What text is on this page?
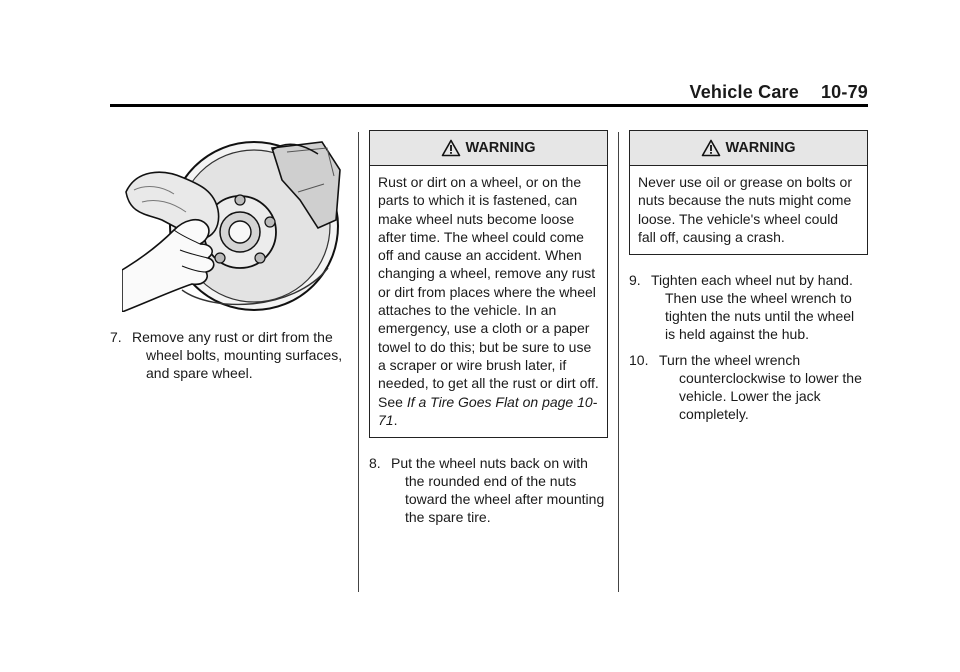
Vehicle Care 10-79
7. Remove any rust or dirt from the wheel bolts, mounting surfaces, and spare wheel.
WARNING
Rust or dirt on a wheel, or on the parts to which it is fastened, can make wheel nuts become loose after time. The wheel could come off and cause an accident. When changing a wheel, remove any rust or dirt from places where the wheel attaches to the vehicle. In an emergency, use a cloth or a paper towel to do this; but be sure to use a scraper or wire brush later, if needed, to get all the rust or dirt off. See If a Tire Goes Flat on page 10-71.
8. Put the wheel nuts back on with the rounded end of the nuts toward the wheel after mounting the spare tire.
WARNING
Never use oil or grease on bolts or nuts because the nuts might come loose. The vehicle's wheel could fall off, causing a crash.
9. Tighten each wheel nut by hand. Then use the wheel wrench to tighten the nuts until the wheel is held against the hub.
10. Turn the wheel wrench counterclockwise to lower the vehicle. Lower the jack completely.
